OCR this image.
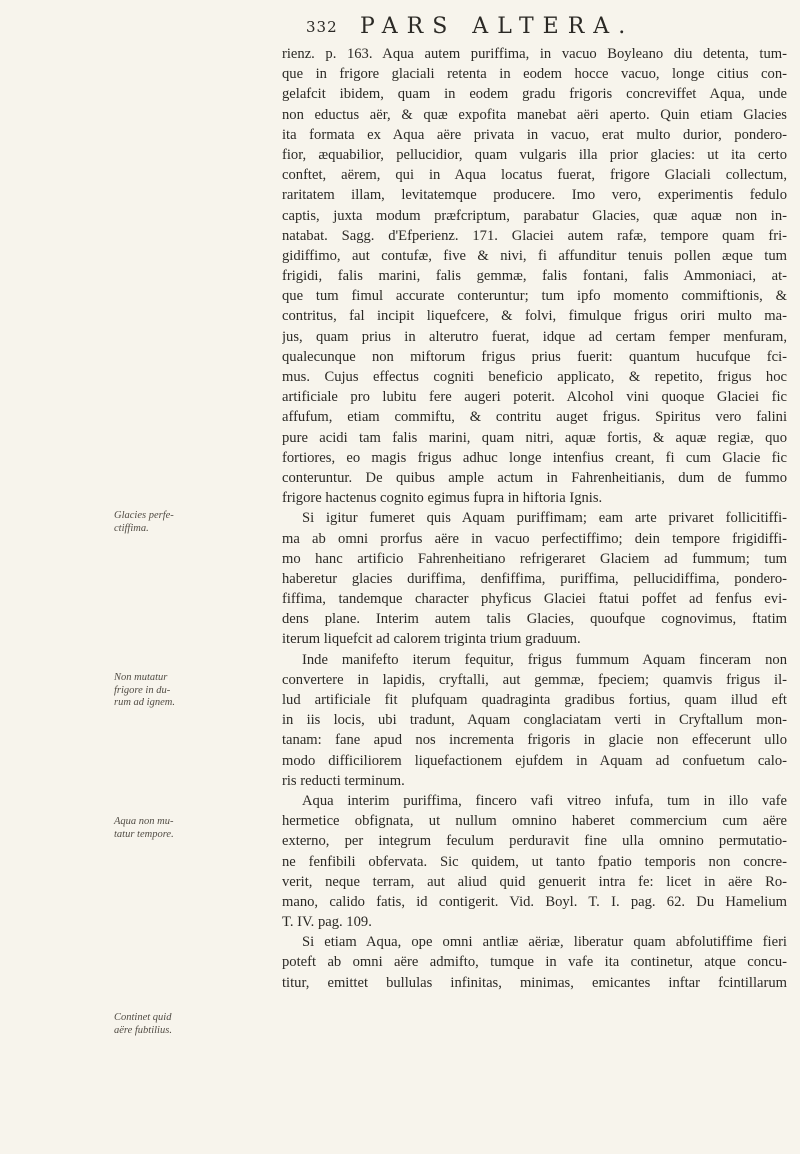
332 PARS ALTERA.
rienz. p. 163. Aqua autem puriffima, in vacuo Boyleano diu detenta, tum-
que in frigore glaciali retenta in eodem hocce vacuo, longe citius con-
gelafcit ibidem, quam in eodem gradu frigoris concreviffet Aqua, unde
non eductus aër, & quæ expofita manebat aëri aperto. Quin etiam Glacies
ita formata ex Aqua aëre privata in vacuo, erat multo durior, pondero-
fior, æquabilior, pellucidior, quam vulgaris illa prior glacies: ut ita certo
conftet, aërem, qui in Aqua locatus fuerat, frigore Glaciali collectum,
raritatem illam, levitatemque producere. Imo vero, experimentis fedulo
captis, juxta modum præfcriptum, parabatur Glacies, quæ aquæ non in-
natabat. Sagg. d'Efperienz. 171. Glaciei autem rafæ, tempore quam fri-
gidiffimo, aut contufæ, five & nivi, fi affunditur tenuis pollen æque tum
frigidi, falis marini, falis gemmæ, falis fontani, falis Ammoniaci, at-
que tum fimul accurate conteruntur; tum ipfo momento commiftionis, &
contritus, fal incipit liquefcere, & folvi, fimulque frigus oriri multo ma-
jus, quam prius in alterutro fuerat, idque ad certam femper menfuram,
qualecunque non miftorum frigus prius fuerit: quantum hucufque fci-
mus. Cujus effectus cogniti beneficio applicato, & repetito, frigus hoc
artificiale pro lubitu fere augeri poterit. Alcohol vini quoque Glaciei fic
affufum, etiam commiftu, & contritu auget frigus. Spiritus vero falini
pure acidi tam falis marini, quam nitri, aquæ fortis, & aquæ regiæ, quo
fortiores, eo magis frigus adhuc longe intenfius creant, fi cum Glacie fic
conteruntur. De quibus ample actum in Fahrenheitianis, dum de fummo
frigore hactenus cognito egimus fupra in hiftoria Ignis.
Si igitur fumeret quis Aquam puriffimam; eam arte privaret follicitiffi-
ma ab omni prorfus aëre in vacuo perfectiffimo; dein tempore frigidiffi-
mo hanc artificio Fahrenheitiano refrigeraret Glaciem ad fummum; tum
haberetur glacies duriffima, denfiffima, puriffima, pellucidiffima, pondero-
fiffima, tandemque character phyficus Glaciei ftatui poffet ad fenfus evi-
dens plane. Interim autem talis Glacies, quoufque cognovimus, ftatim
iterum liquefcit ad calorem triginta trium graduum.
Inde manifefto iterum fequitur, frigus fummum Aquam finceram non
convertere in lapidis, cryftalli, aut gemmæ, fpeciem; quamvis frigus il-
lud artificiale fit plufquam quadraginta gradibus fortius, quam illud eft
in iis locis, ubi tradunt, Aquam conglaciatam verti in Cryftallum mon-
tanam: fane apud nos incrementa frigoris in glacie non effecerunt ullo
modo difficiliorem liquefactionem ejufdem in Aquam ad confuetum calo-
ris reducti terminum.
Aqua interim puriffima, fincero vafi vitreo infufa, tum in illo vafe
hermetice obfignata, ut nullum omnino haberet commercium cum aëre
externo, per integrum feculum perduravit fine ulla omnino permutatio-
ne fenfibili obfervata. Sic quidem, ut tanto fpatio temporis non concre-
verit, neque terram, aut aliud quid genuerit intra fe: licet in aëre Ro-
mano, calido fatis, id contigerit. Vid. Boyl. T. I. pag. 62. Du Hamelium
T. IV. pag. 109.
Si etiam Aqua, ope omni antliæ aëriæ, liberatur quam abfolutiffime fieri
poteft ab omni aëre admifto, tumque in vafe ita continetur, atque concu-
titur, emittet bullulas infinitas, minimas, emicantes inftar fcintillarum
Glacies perfe-
ctiffima.
Non mutatur
frigore in du-
rum ad ignem.
Aqua non mu-
tatur tempore.
Continet quid
aëre fubtilius.
